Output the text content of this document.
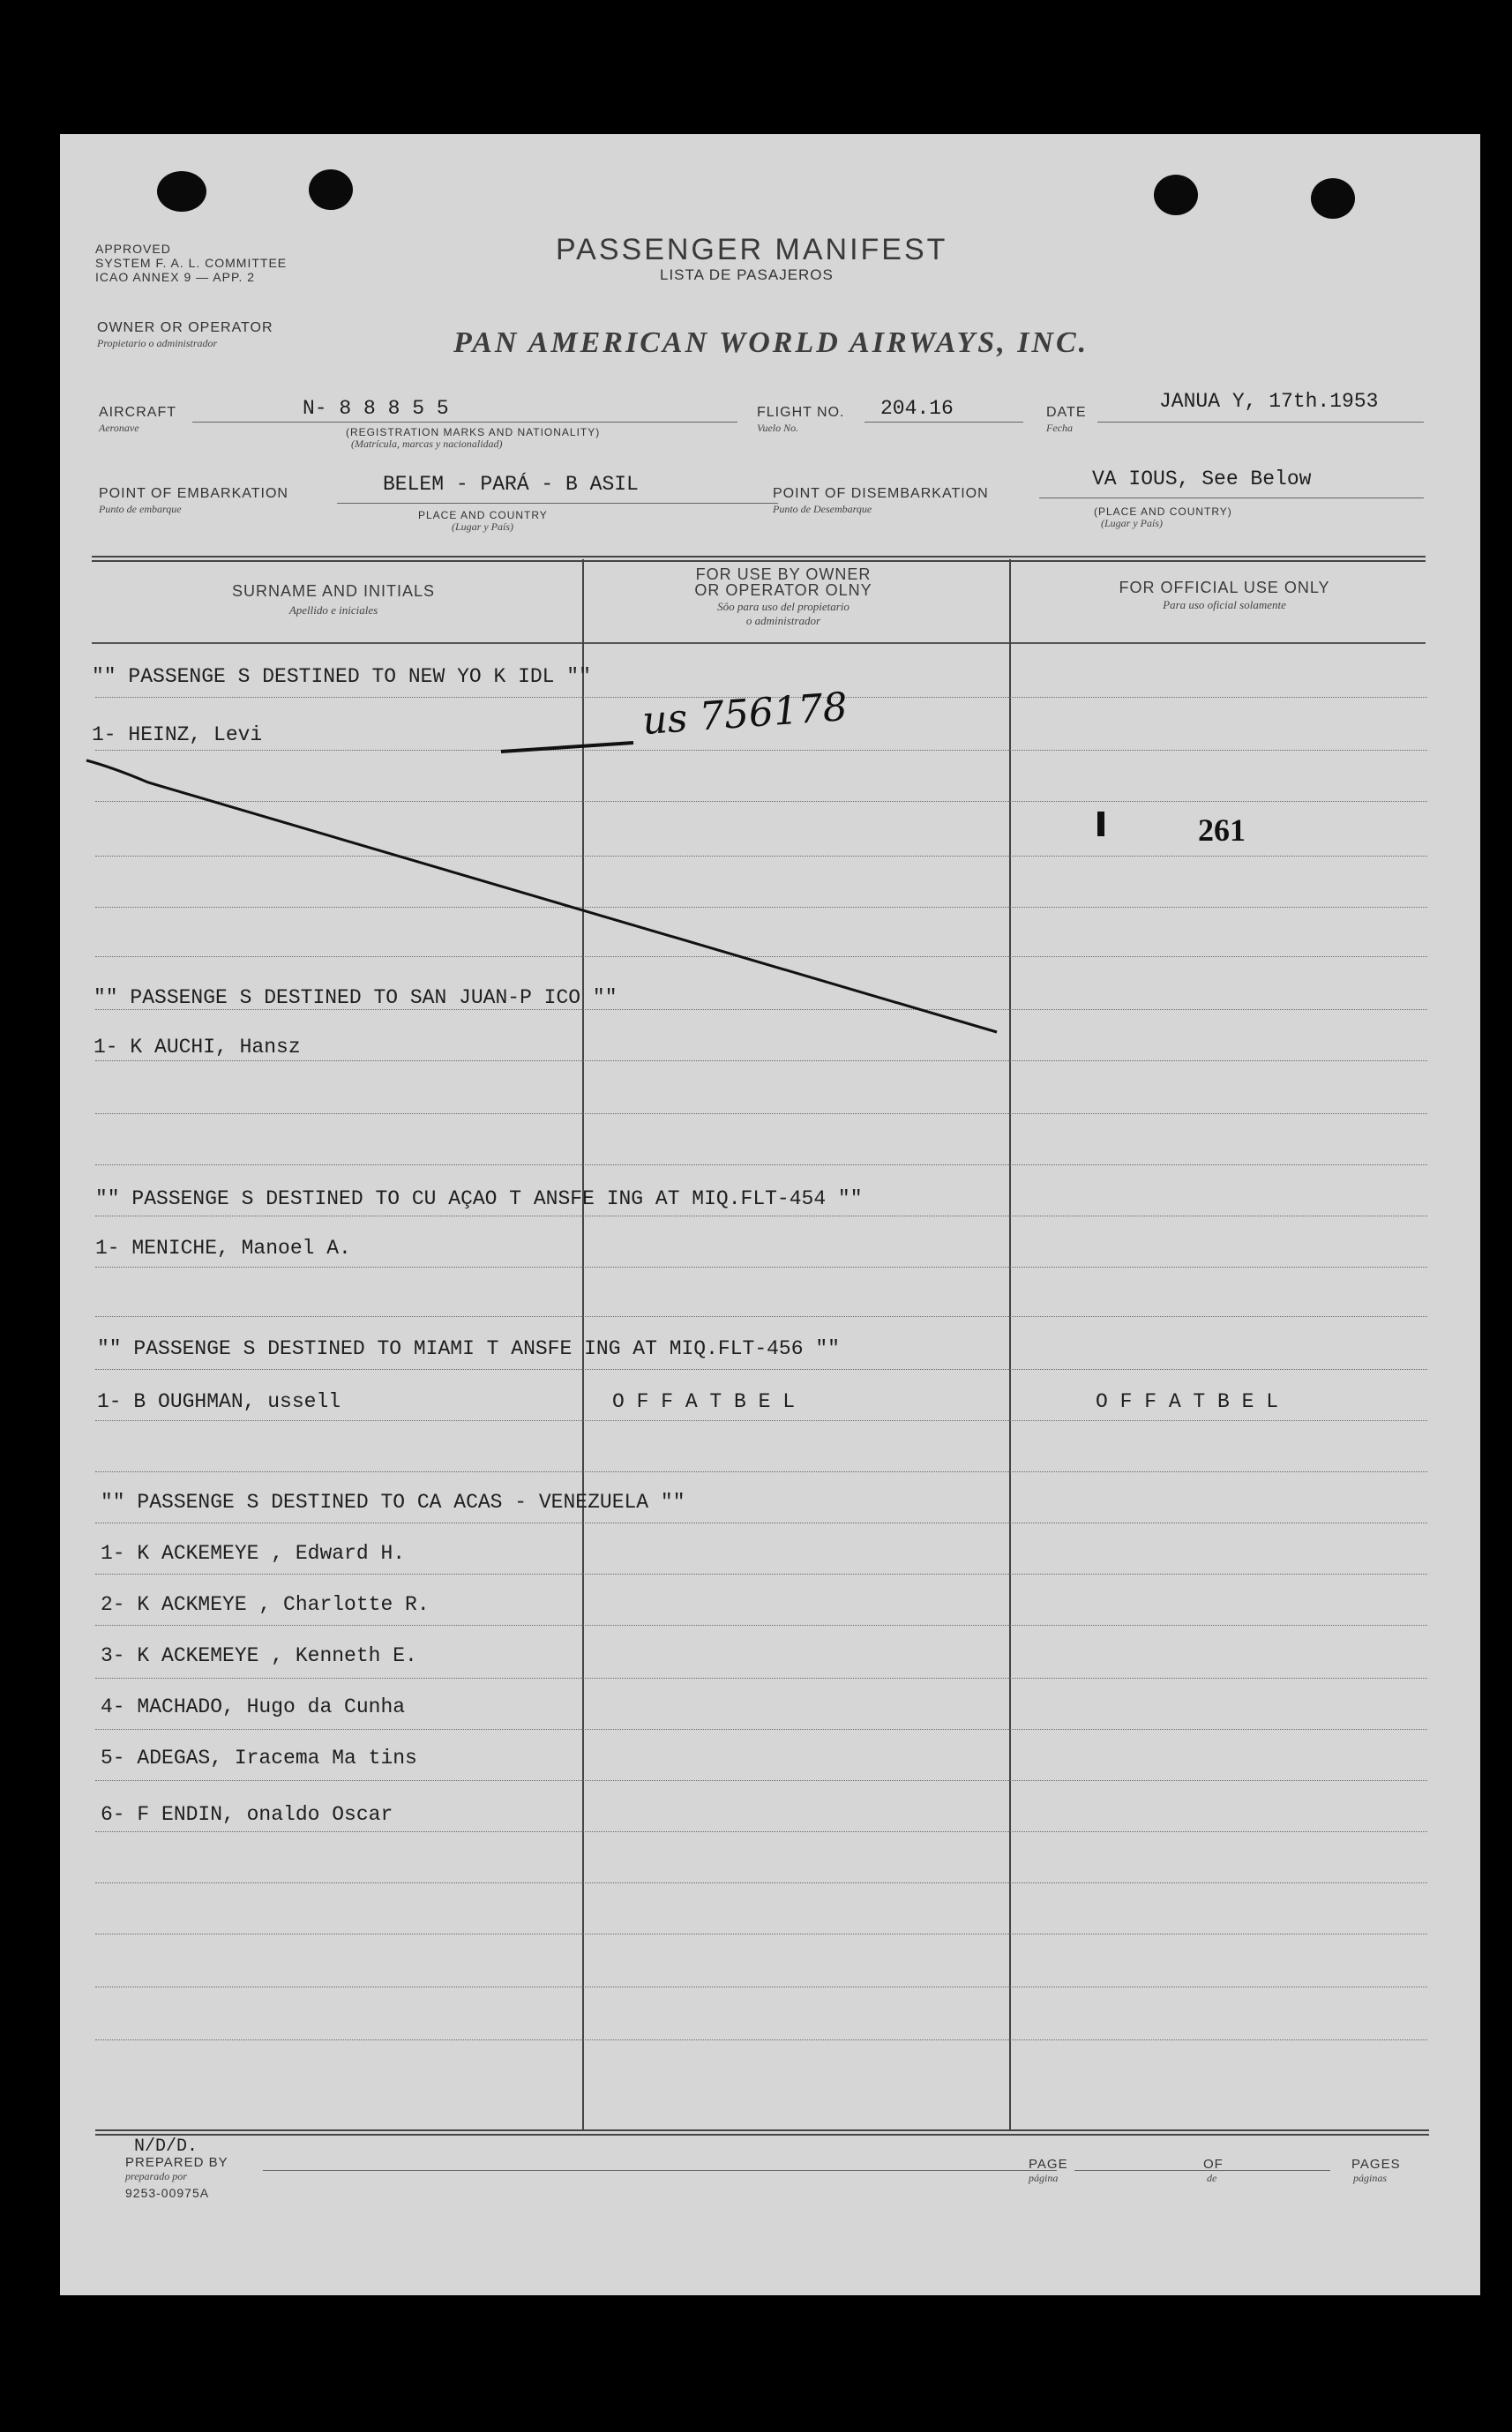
APPROVED
SYSTEM F. A. L. COMMITTEE
ICAO ANNEX 9 — APP. 2
PASSENGER MANIFEST
LISTA DE PASAJEROS
OWNER OR OPERATOR
Propietario o administrador	PAN AMERICAN WORLD AIRWAYS, INC.
AIRCRAFT
Aeronave
N- 8 8 8 5 5
(REGISTRATION MARKS AND NATIONALITY)
(Matrícula, marcas y nacionalidad)
FLIGHT NO.
Vuelo No.
204.16	DATE
Fecha
JANUA Y, 17th.1953
POINT OF EMBARKATION
Punto de embarque
BELEM - PARÁ - B ASIL
PLACE AND COUNTRY
(Lugar y País)
POINT OF DISEMBARKATION
Punto de Desembarque
VA IOUS, See Below
(PLACE AND COUNTRY)
(Lugar y País)
SURNAME AND INITIALS
Apellido e iniciales
FOR USE BY OWNER
OR OPERATOR OLNY
Sôo para uso del propietario
o administrador
FOR OFFICIAL USE ONLY
Para uso oficial solamente
"" PASSENGE S DESTINED TO NEW YO K IDL ""
1- HEINZ, Levi
"" PASSENGE S DESTINED TO SAN JUAN-P ICO ""
1- K AUCHI, Hansz
"" PASSENGE S DESTINED TO CU AÇAO T ANSFE ING AT MIQ.FLT-454 ""
1- MENICHE, Manoel A.
"" PASSENGE S DESTINED TO MIAMI T ANSFE ING AT MIQ.FLT-456 ""
1- B OUGHMAN, ussell	O F F A T B E L	O F F A T B E L
"" PASSENGE S DESTINED TO CA ACAS - VENEZUELA ""
1- K ACKEMEYE , Edward H.
2- K ACKMEYE , Charlotte R.
3- K ACKEMEYE , Kenneth E.
4- MACHADO, Hugo da Cunha
5- ADEGAS, Iracema Ma tins
6- F ENDIN, onaldo Oscar
us 756178
261
N/D/D.
PREPARED BY
preparado por
9253-00975A
PAGE
página
OF
de
PAGES
páginas
